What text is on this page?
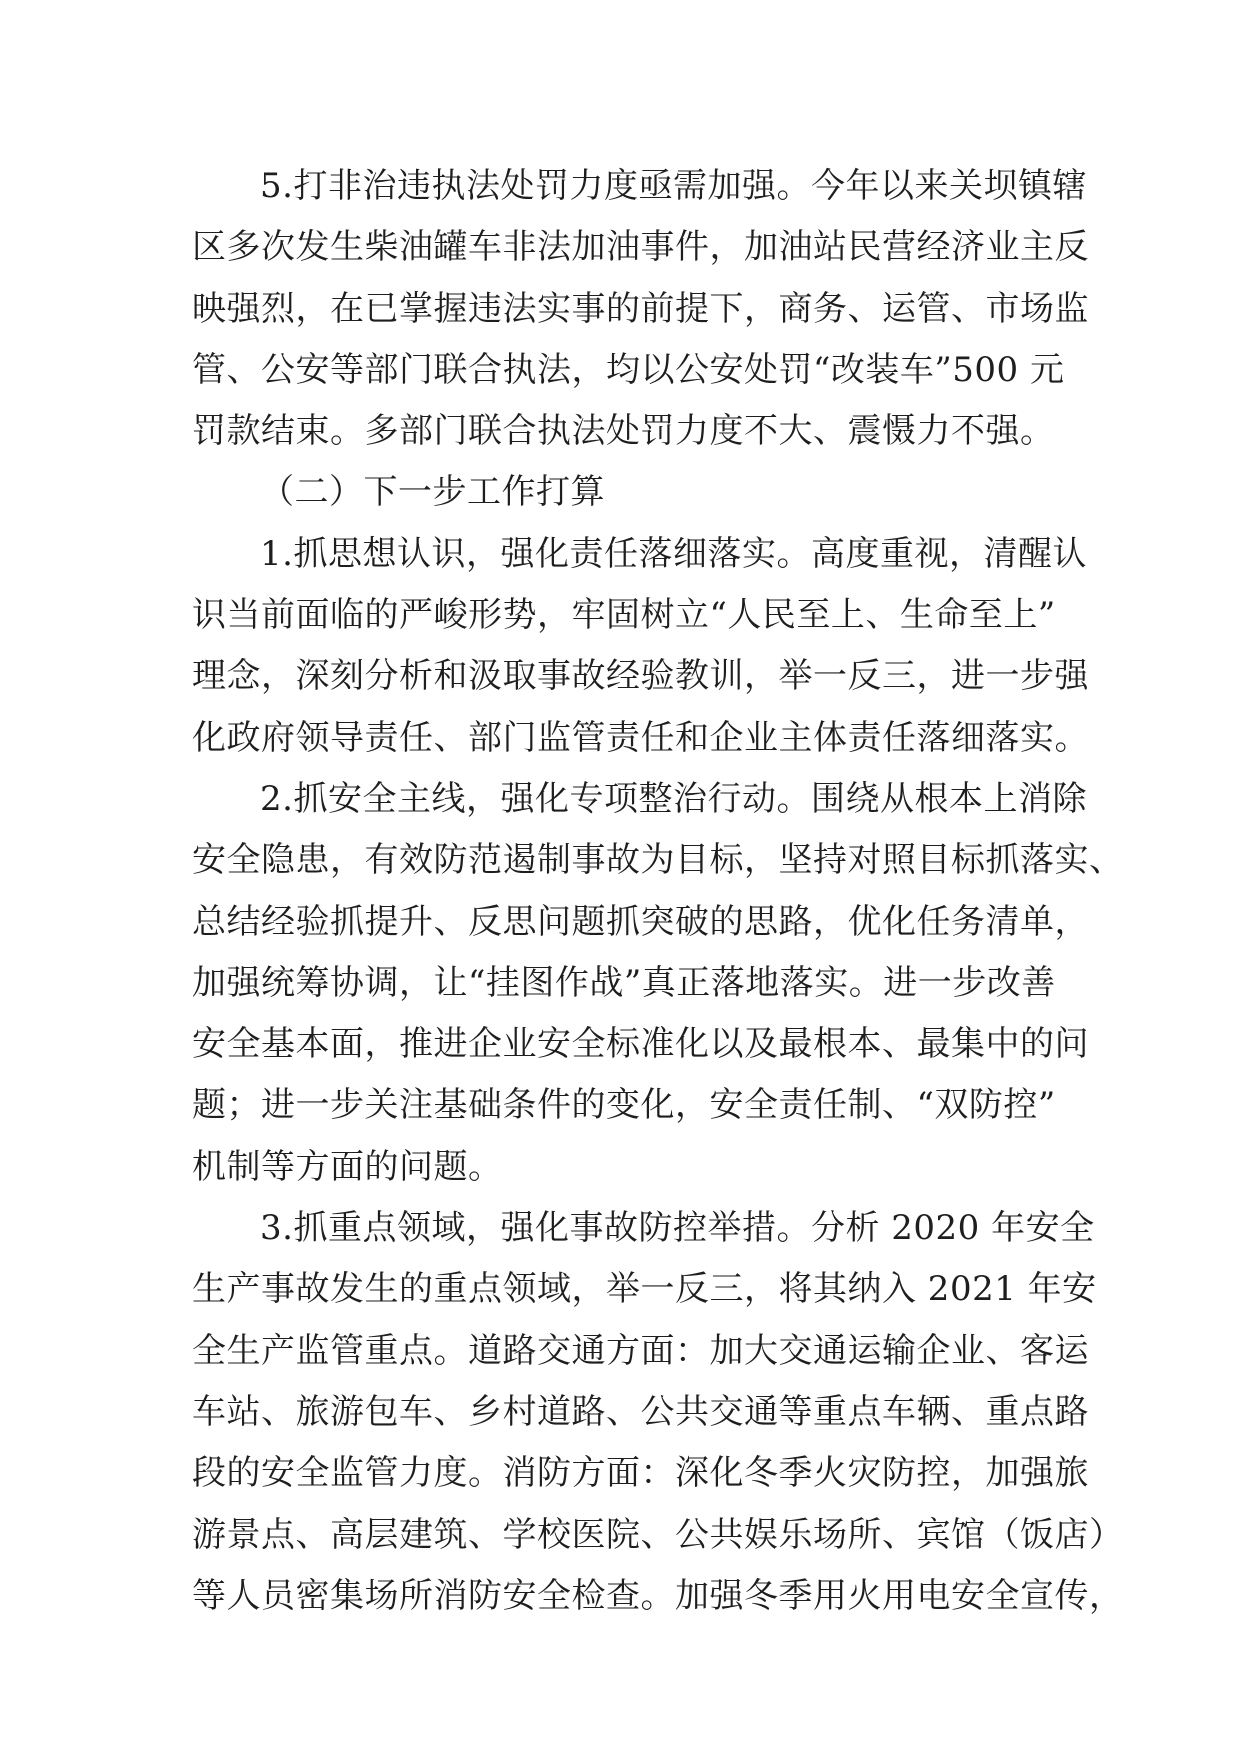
5.打非治违执法处罚力度亟需加强。今年以来关坝镇辖

区多次发生柴油罐车非法加油事件，加油站民营经济业主反

映强烈，在已掌握违法实事的前提下，商务、运管、市场监

管、公安等部门联合执法，均以公安处罚“改装车”500 元

罚款结束。多部门联合执法处罚力度不大、震慑力不强。

（二）下一步工作打算

1.抓思想认识，强化责任落细落实。高度重视，清醒认

识当前面临的严峻形势，牢固树立“人民至上、生命至上”

理念，深刻分析和汲取事故经验教训，举一反三，进一步强

化政府领导责任、部门监管责任和企业主体责任落细落实。

2.抓安全主线，强化专项整治行动。围绕从根本上消除

安全隐患，有效防范遏制事故为目标，坚持对照目标抓落实、

总结经验抓提升、反思问题抓突破的思路，优化任务清单，

加强统筹协调，让“挂图作战”真正落地落实。进一步改善

安全基本面，推进企业安全标准化以及最根本、最集中的问

题；进一步关注基础条件的变化，安全责任制、“双防控”

机制等方面的问题。

3.抓重点领域，强化事故防控举措。分析 2020 年安全

生产事故发生的重点领域，举一反三，将其纳入 2021 年安

全生产监管重点。道路交通方面：加大交通运输企业、客运

车站、旅游包车、乡村道路、公共交通等重点车辆、重点路

段的安全监管力度。消防方面：深化冬季火灾防控，加强旅

游景点、高层建筑、学校医院、公共娱乐场所、宾馆（饭店）

等人员密集场所消防安全检查。加强冬季用火用电安全宣传，
